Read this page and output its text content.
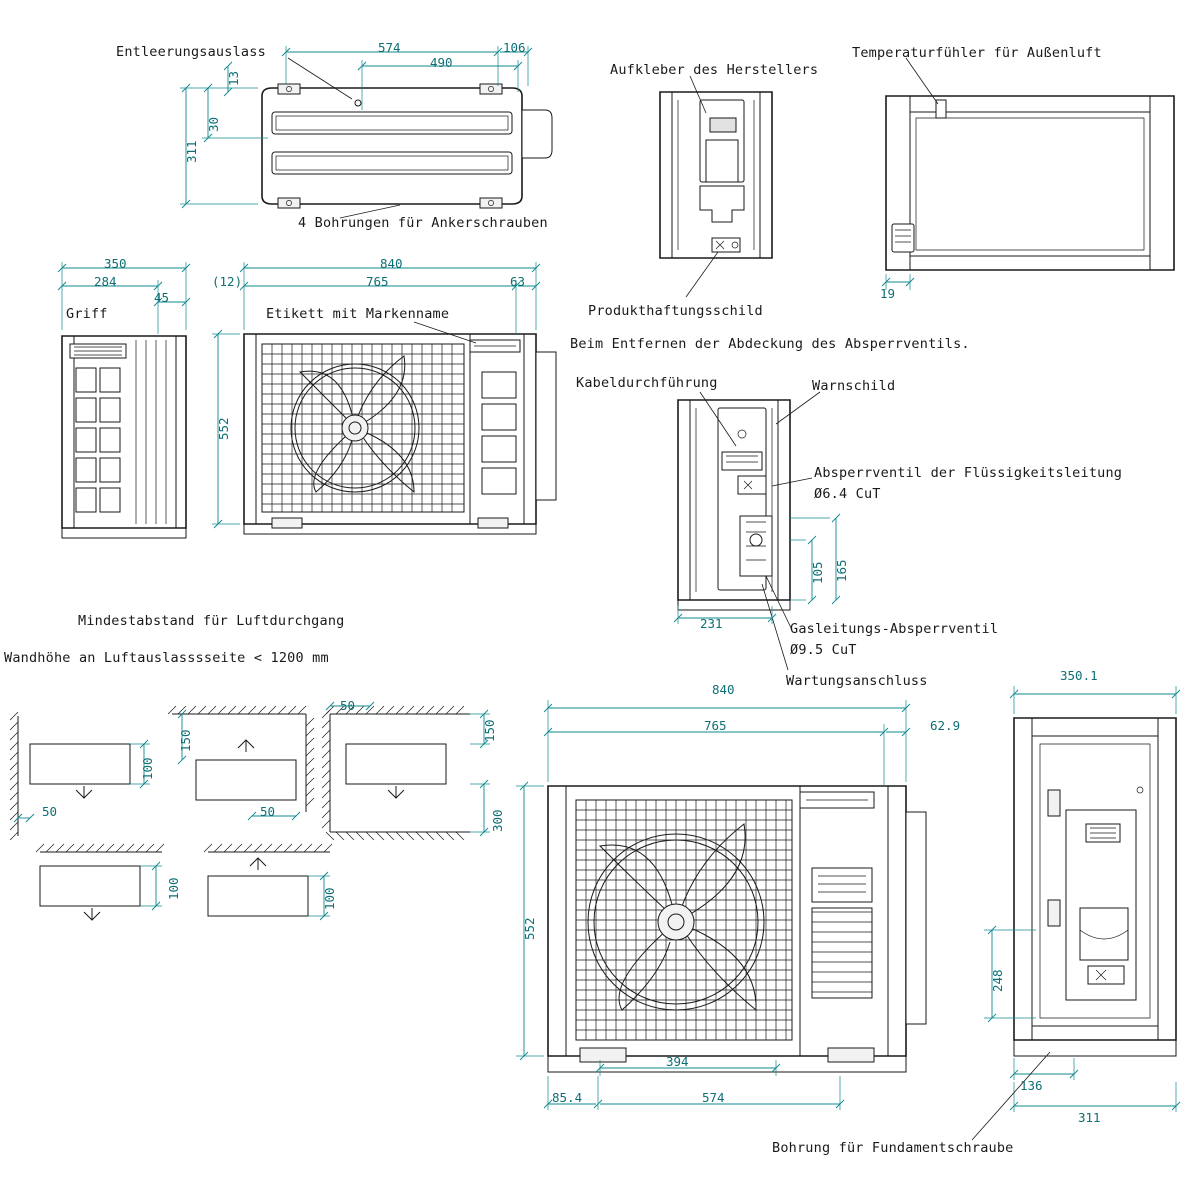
Entleerungsauslass
4 Bohrungen für Ankerschrauben
Aufkleber des Herstellers
Temperaturfühler für Außenluft
Produkthaftungsschild
Griff	Etikett mit Markenname
Beim Entfernen der Abdeckung des Absperrventils.
Kabeldurchführung	Warnschild
Absperrventil der Flüssigkeitsleitung
Ø6.4 CuT
Gasleitungs-Absperrventil
Ø9.5 CuT
Wartungsanschluss
Mindestabstand für Luftdurchgang
Wandhöhe an Luftauslasssseite < 1200 mm
Bohrung für Fundamentschraube
574	106
490
13
30
311
19
350
284
45
840
(12)	765	63
552
231
105 165
50
100
150
50
50
150
300
100	100
840
765	62.9
552
394
85.4	574
350.1
248
136
311
